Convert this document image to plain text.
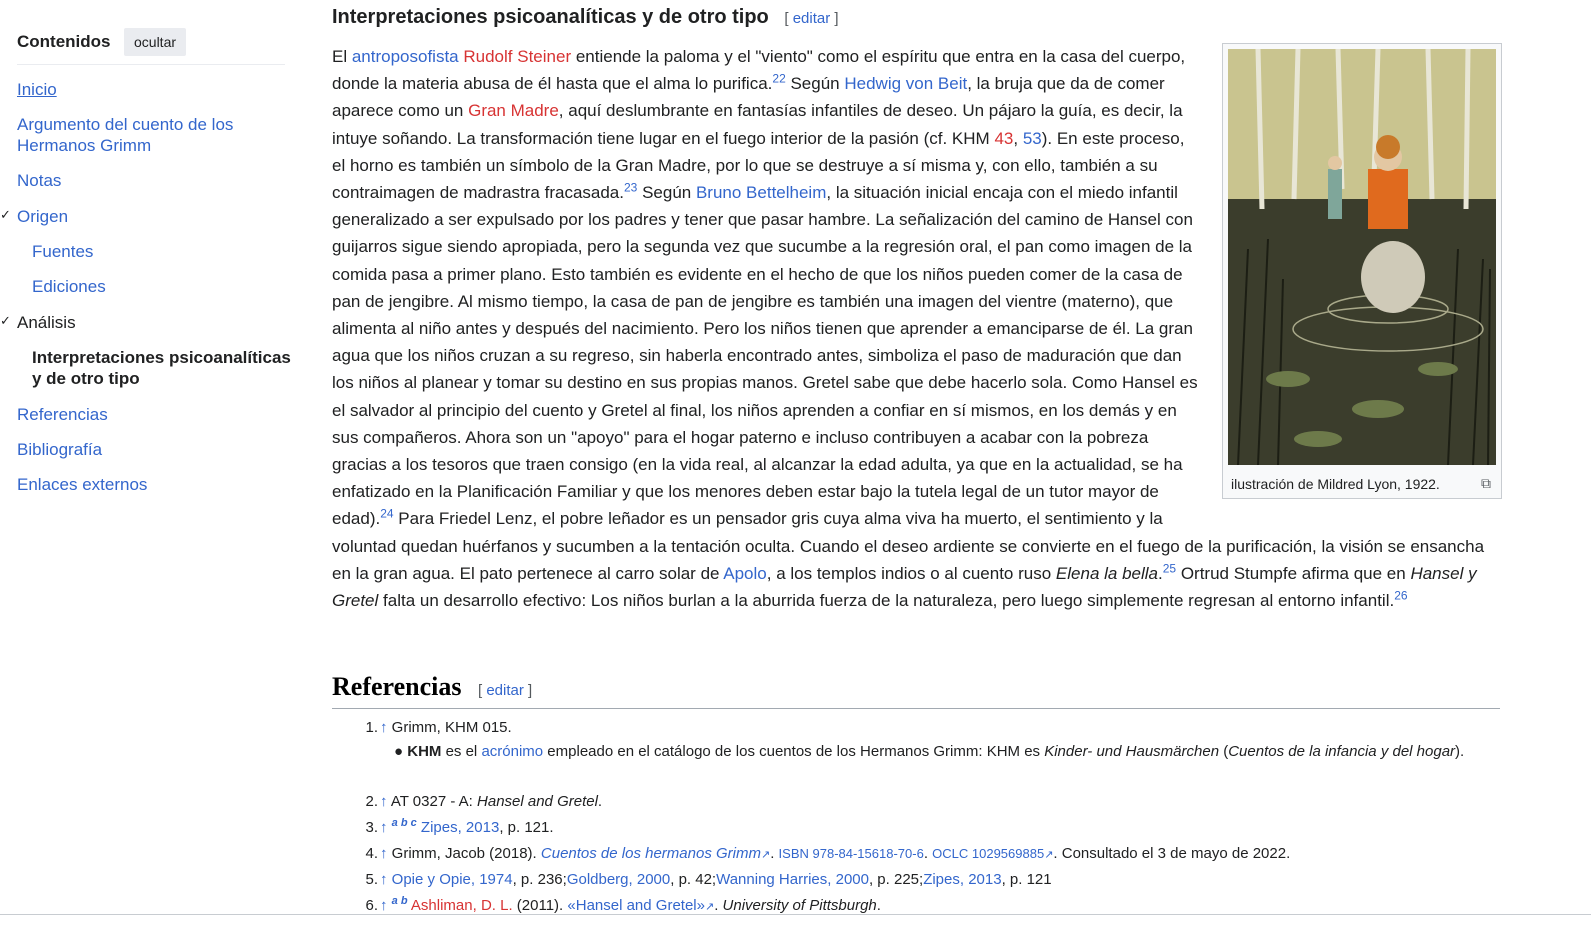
Contenidos	ocultar
Inicio
Argumento del cuento de los Hermanos Grimm
Notas
✓ Origen
Fuentes
Ediciones
✓ Análisis
Interpretaciones psicoanalíticas y de otro tipo
Referencias
Bibliografía
Enlaces externos
Interpretaciones psicoanalíticas y de otro tipo [ editar ]
ilustración de Mildred Lyon, 1922.	⧉
El antroposofista Rudolf Steiner entiende la paloma y el "viento" como el espíritu que entra en la casa del cuerpo, donde la materia abusa de él hasta que el alma lo purifica.$^{22}$ Según Hedwig von Beit, la bruja que da de comer aparece como un Gran Madre, aquí deslumbrante en fantasías infantiles de deseo. Un pájaro la guía, es decir, la intuye soñando. La transformación tiene lugar en el fuego interior de la pasión (cf. KHM 43, 53). En este proceso, el horno es también un símbolo de la Gran Madre, por lo que se destruye a sí misma y, con ello, también a su contraimagen de madrastra fracasada.$^{23}$ Según Bruno Bettelheim, la situación inicial encaja con el miedo infantil generalizado a ser expulsado por los padres y tener que pasar hambre. La señalización del camino de Hansel con guijarros sigue siendo apropiada, pero la segunda vez que sucumbe a la regresión oral, el pan como imagen de la comida pasa a primer plano. Esto también es evidente en el hecho de que los niños pueden comer de la casa de pan de jengibre. Al mismo tiempo, la casa de pan de jengibre es también una imagen del vientre (materno), que alimenta al niño antes y después del nacimiento. Pero los niños tienen que aprender a emanciparse de él. La gran agua que los niños cruzan a su regreso, sin haberla encontrado antes, simboliza el paso de maduración que dan los niños al planear y tomar su destino en sus propias manos. Gretel sabe que debe hacerlo sola. Como Hansel es el salvador al principio del cuento y Gretel al final, los niños aprenden a confiar en sí mismos, en los demás y en sus compañeros. Ahora son un "apoyo" para el hogar paterno e incluso contribuyen a acabar con la pobreza gracias a los tesoros que traen consigo (en la vida real, al alcanzar la edad adulta, ya que en la actualidad, se ha enfatizado en la Planificación Familiar y que los menores deben estar bajo la tutela legal de un tutor mayor de edad).$^{24}$ Para Friedel Lenz, el pobre leñador es un pensador gris cuya alma viva ha muerto, el sentimiento y la voluntad quedan huérfanos y sucumben a la tentación oculta. Cuando el deseo ardiente se convierte en el fuego de la purificación, la visión se ensancha en la gran agua. El pato pertenece al carro solar de Apolo, a los templos indios o al cuento ruso Elena la bella.$^{25}$ Ortrud Stumpfe afirma que en Hansel y Gretel falta un desarrollo efectivo: Los niños burlan a la aburrida fuerza de la naturaleza, pero luego simplemente regresan al entorno infantil.$^{26}$
Referencias [ editar ]
1. ↑ Grimm, KHM 015.
● KHM es el acrónimo empleado en el catálogo de los cuentos de los Hermanos Grimm: KHM es Kinder- und Hausmärchen (Cuentos de la infancia y del hogar).
2. ↑ AT 0327 - A: Hansel and Gretel.
3. ↑ $^{a b c}$ Zipes, 2013, p. 121.
4. ↑ Grimm, Jacob (2018). Cuentos de los hermanos Grimm↗. ISBN 978-84-15618-70-6. OCLC 1029569885↗. Consultado el 3 de mayo de 2022.
5. ↑ Opie y Opie, 1974, p. 236;Goldberg, 2000, p. 42;Wanning Harries, 2000, p. 225;Zipes, 2013, p. 121
6. ↑ $^{a b}$ Ashliman, D. L. (2011). «Hansel and Gretel»↗. University of Pittsburgh.
